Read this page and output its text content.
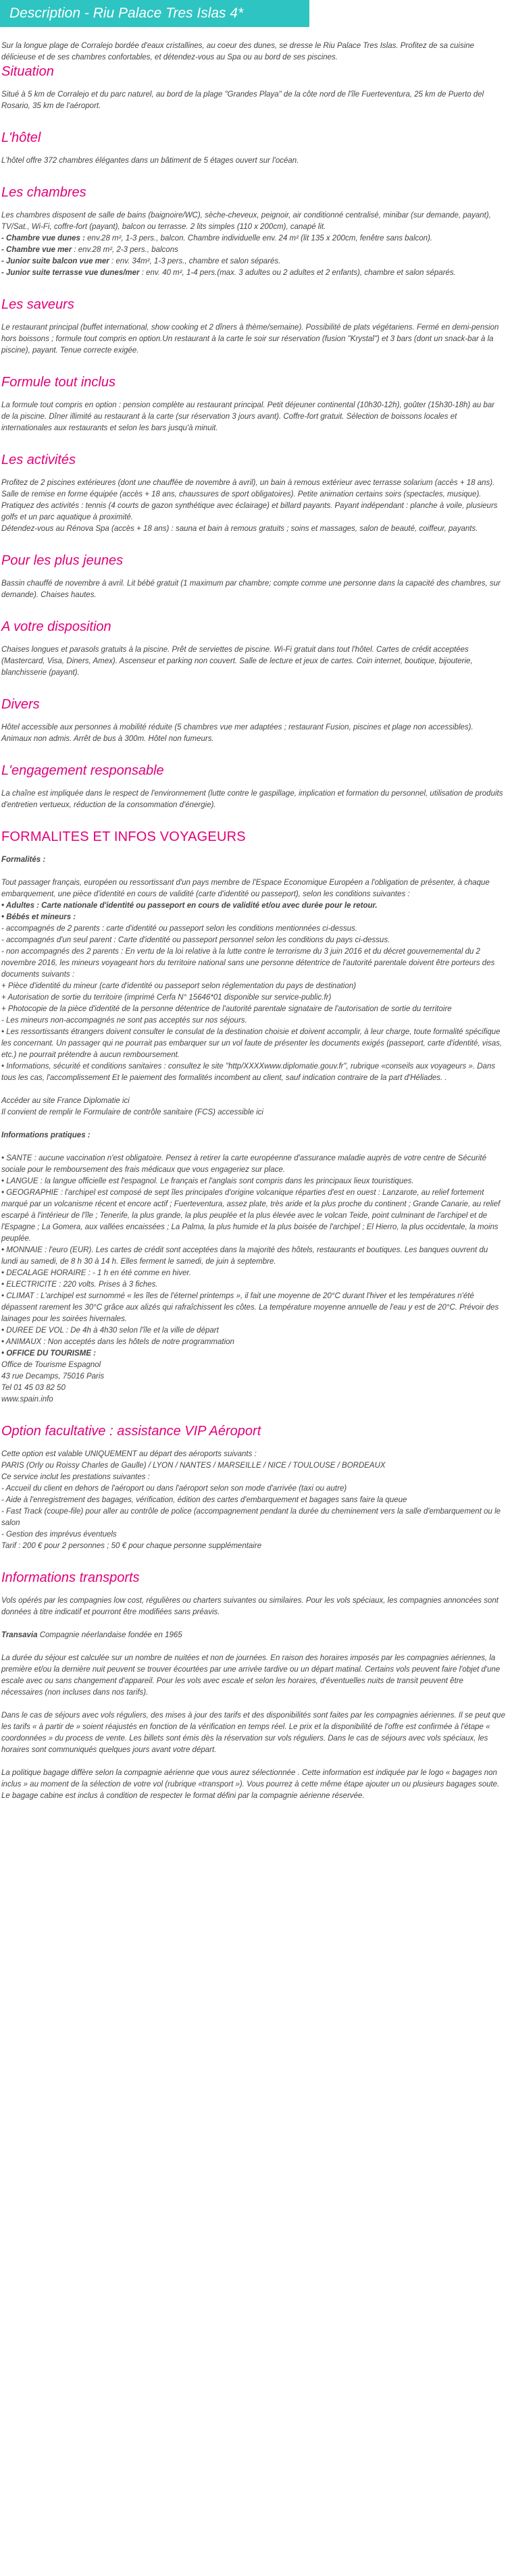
Description - Riu Palace Tres Islas 4*

Sur la longue plage de Corralejo bordée d'eaux cristallines, au coeur des dunes, se dresse le Riu Palace Tres Islas. Profitez de sa cuisine délicieuse et de ses chambres confortables, et détendez-vous au Spa ou au bord de ses piscines.

Situation

Situé à 5 km de Corralejo et du parc naturel, au bord de la plage "Grandes Playa" de la côte nord de l'île Fuerteventura, 25 km de Puerto del Rosario, 35 km de l'aéroport.

L'hôtel

L'hôtel offre 372 chambres élégantes dans un bâtiment de 5 étages ouvert sur l'océan.

Les chambres

Les chambres disposent de salle de bains (baignoire/WC), sèche-cheveux, peignoir, air conditionné centralisé, minibar (sur demande, payant), TV/Sat., Wi-Fi, coffre-fort (payant), balcon ou terrasse. 2 lits simples (110 x 200cm), canapé lit.

- Chambre vue dunes : env.28 m², 1-3 pers., balcon. Chambre individuelle env. 24 m² (lit 135 x 200cm, fenêtre sans balcon).

- Chambre vue mer : env.28 m², 2-3 pers., balcons

- Junior suite balcon vue mer : env. 34m², 1-3 pers., chambre et salon séparés.

- Junior suite terrasse vue dunes/mer : env. 40 m², 1-4 pers.(max. 3 adultes ou 2 adultes et 2 enfants), chambre et salon séparés.

Les saveurs

Le restaurant principal (buffet international, show cooking et 2 dîners à thème/semaine). Possibilité de plats végétariens. Fermé en demi-pension hors boissons ; formule tout compris en option.Un restaurant à la carte le soir sur réservation (fusion "Krystal") et 3 bars (dont un snack-bar à la piscine), payant. Tenue correcte exigée.

Formule tout inclus

La formule tout compris en option : pension complète au restaurant principal. Petit déjeuner continental (10h30-12h), goûter (15h30-18h) au bar de la piscine. Dîner illimité au restaurant à la carte (sur réservation 3 jours avant). Coffre-fort gratuit. Sélection de boissons locales et internationales aux restaurants et selon les bars jusqu'à minuit.

Les activités

Profitez de 2 piscines extérieures (dont une chauffée de novembre à avril), un bain à remous extérieur avec terrasse solarium (accès + 18 ans). Salle de remise en forme équipée (accès + 18 ans, chaussures de sport obligatoires). Petite animation certains soirs (spectacles, musique).

Pratiquez des activités : tennis (4 courts de gazon synthétique avec éclairage) et billard payants. Payant indépendant : planche à voile, plusieurs golfs et un parc aquatique à proximité.

Détendez-vous au Rénova Spa (accès + 18 ans) : sauna et bain à remous gratuits ; soins et massages, salon de beauté, coiffeur, payants.

Pour les plus jeunes

Bassin chauffé de novembre à avril. Lit bébé gratuit (1 maximum par chambre; compte comme une personne dans la capacité des chambres, sur demande). Chaises hautes.

A votre disposition

Chaises longues et parasols gratuits à la piscine. Prêt de serviettes de piscine. Wi-Fi gratuit dans tout l'hôtel. Cartes de crédit acceptées (Mastercard, Visa, Diners, Amex). Ascenseur et parking non couvert. Salle de lecture et jeux de cartes. Coin internet, boutique, bijouterie, blanchisserie (payant).

Divers

Hôtel accessible aux personnes à mobilité réduite (5 chambres vue mer adaptées ; restaurant Fusion, piscines et plage non accessibles). Animaux non admis. Arrêt de bus à 300m. Hôtel non fumeurs.

L'engagement responsable

La chaîne est impliquée dans le respect de l'environnement (lutte contre le gaspillage, implication et formation du personnel, utilisation de produits d'entretien vertueux, réduction de la consommation d'énergie).

FORMALITES ET INFOS VOYAGEURS

Formalités :

Tout passager français, européen ou ressortissant d'un pays membre de l'Espace Economique Européen a l'obligation de présenter, à chaque embarquement, une pièce d'identité en cours de validité (carte d'identité ou passeport), selon les conditions suivantes :
• Adultes : Carte nationale d'identité ou passeport en cours de validité et/ou avec durée pour le retour.
• Bébés et mineurs :
- accompagnés de 2 parents : carte d'identité ou passeport selon les conditions mentionnées ci-dessus.
- accompagnés d'un seul parent : Carte d'identité ou passeport personnel selon les conditions du pays ci-dessus.
- non accompagnés des 2 parents : En vertu de la loi relative à la lutte contre le terrorisme du 3 juin 2016 et du décret gouvernemental du 2 novembre 2016, les mineurs voyageant hors du territoire national sans une personne détentrice de l'autorité parentale doivent être porteurs des documents suivants :
+ Pièce d'identité du mineur (carte d'identité ou passeport selon réglementation du pays de destination)
+ Autorisation de sortie du territoire (imprimé Cerfa N° 15646*01 disponible sur service-public.fr)
+ Photocopie de la pièce d'identité de la personne détentrice de l'autorité parentale signataire de l'autorisation de sortie du territoire
- Les mineurs non-accompagnés ne sont pas acceptés sur nos séjours.
• Les ressortissants étrangers doivent consulter le consulat de la destination choisie et doivent accomplir, à leur charge, toute formalité spécifique les concernant. Un passager qui ne pourrait pas embarquer sur un vol faute de présenter les documents exigés (passeport, carte d'identité, visas, etc.) ne pourrait prétendre à aucun remboursement.
• Informations, sécurité et conditions sanitaires : consultez le site "http/XXXXwww.diplomatie.gouv.fr", rubrique «conseils aux voyageurs ». Dans tous les cas, l'accomplissement Et le paiement des formalités incombent au client, sauf indication contraire de la part d'Héliades. .

Accéder au site France Diplomatie ici
Il convient de remplir le Formulaire de contrôle sanitaire (FCS) accessible ici

Informations pratiques :

• SANTE : aucune vaccination n'est obligatoire. Pensez à retirer la carte européenne d'assurance maladie auprès de votre centre de Sécurité sociale pour le remboursement des frais médicaux que vous engageriez sur place.
• LANGUE : la langue officielle est l'espagnol. Le français et l'anglais sont compris dans les principaux lieux touristiques.
• GEOGRAPHIE : l'archipel est composé de sept îles principales d'origine volcanique réparties d'est en ouest : Lanzarote, au relief fortement marqué par un volcanisme récent et encore actif ; Fuerteventura, assez plate, très aride et la plus proche du continent ; Grande Canarie, au relief escarpé à l'intérieur de l'île ; Tenerife, la plus grande, la plus peuplée et la plus élevée avec le volcan Teide, point culminant de l'archipel et de l'Espagne ; La Gomera, aux vallées encaissées ; La Palma, la plus humide et la plus boisée de l'archipel ; El Hierro, la plus occidentale, la moins peuplée.
• MONNAIE : l'euro (EUR). Les cartes de crédit sont acceptées dans la majorité des hôtels, restaurants et boutiques. Les banques ouvrent du lundi au samedi, de 8 h 30 à 14 h. Elles ferment le samedi, de juin à septembre.
• DECALAGE HORAIRE : - 1 h en été comme en hiver.
• ELECTRICITE : 220 volts. Prises à 3 fiches.
• CLIMAT : L'archipel est surnommé « les îles de l'éternel printemps », il fait une moyenne de 20°C durant l'hiver et les températures n'été dépassent rarement les 30°C grâce aux alizés qui rafraîchissent les côtes. La température moyenne annuelle de l'eau y est de 20°C. Prévoir des lainages pour les soirées hivernales.
• DUREE DE VOL : De 4h à 4h30 selon l'île et la ville de départ
• ANIMAUX : Non acceptés dans les hôtels de notre programmation
• OFFICE DU TOURISME :
Office de Tourisme Espagnol
43 rue Decamps, 75016 Paris
Tel 01 45 03 82 50
www.spain.info
Option facultative : assistance VIP Aéroport
Cette option est valable UNIQUEMENT au départ des aéroports suivants :
PARIS (Orly ou Roissy Charles de Gaulle) / LYON / NANTES / MARSEILLE / NICE / TOULOUSE / BORDEAUX
Ce service inclut les prestations suivantes :
- Accueil du client en dehors de l'aéroport ou dans l'aéroport selon son mode d'arrivée (taxi ou autre)
- Aide à l'enregistrement des bagages, vérification, édition des cartes d'embarquement et bagages sans faire la queue
- Fast Track (coupe-file) pour aller au contrôle de police (accompagnement pendant la durée du cheminement vers la salle d'embarquement ou le salon
- Gestion des imprévus éventuels
Tarif : 200 € pour 2 personnes ; 50 € pour chaque personne supplémentaire
Informations transports

Vols opérés par les compagnies low cost, régulières ou charters suivantes ou similaires. Pour les vols spéciaux, les compagnies annoncées sont données à titre indicatif et pourront être modifiées sans préavis.

Transavia Compagnie néerlandaise fondée en 1965

La durée du séjour est calculée sur un nombre de nuitées et non de journées. En raison des horaires imposés par les compagnies aériennes, la première et/ou la dernière nuit peuvent se trouver écourtées par une arrivée tardive ou un départ matinal. Certains vols peuvent faire l'objet d'une escale avec ou sans changement d'appareil. Pour les vols avec escale et selon les horaires, d'éventuelles nuits de transit peuvent être nécessaires (non incluses dans nos tarifs).

Dans le cas de séjours avec vols réguliers, des mises à jour des tarifs et des disponibilités sont faites par les compagnies aériennes. Il se peut que les tarifs « à partir de » soient réajustés en fonction de la vérification en temps réel. Le prix et la disponibilité de l'offre est confirmée à l'étape « coordonnées » du process de vente. Les billets sont émis dès la réservation sur vols réguliers. Dans le cas de séjours avec vols spéciaux, les horaires sont communiqués quelques jours avant votre départ.

La politique bagage diffère selon la compagnie aérienne que vous aurez sélectionnée . Cette information est indiquée par le logo « bagages non inclus » au moment de la sélection de votre vol (rubrique «transport »). Vous pourrez à cette même étape ajouter un ou plusieurs bagages soute. Le bagage cabine est inclus à condition de respecter le format défini par la compagnie aérienne réservée.
